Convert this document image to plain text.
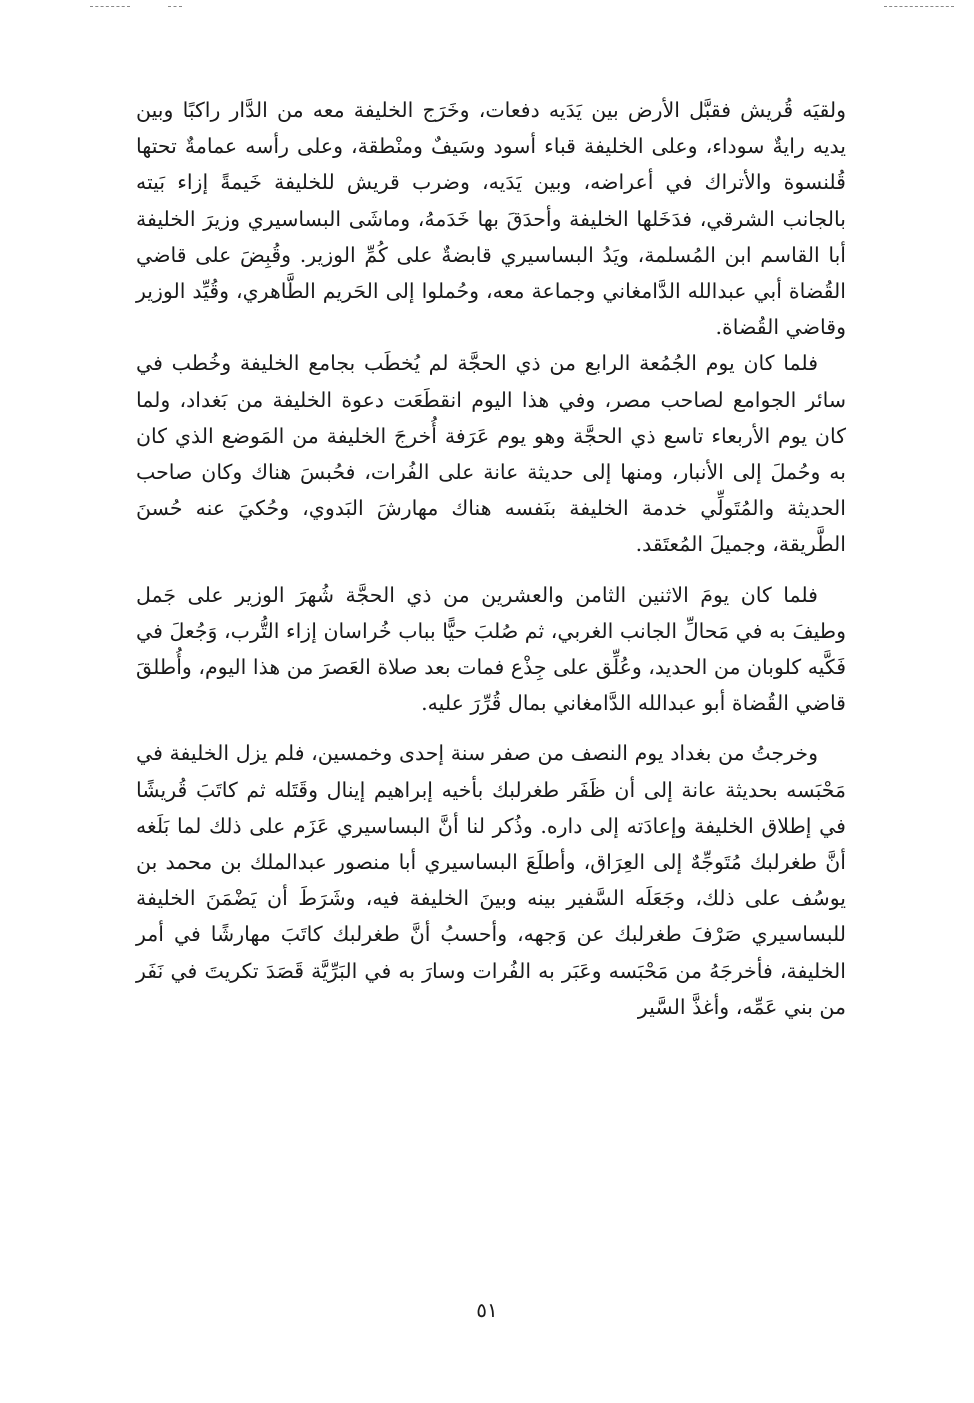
ولقيَه قُريش فقبَّل الأرض بين يَدَيه دفعات، وخَرَج الخليفة معه من الدَّار راكبًا وبين يديه رايةٌ سوداء، وعلى الخليفة قباء أسود وسَيفٌ ومنْطقة، وعلى رأسه عمامةٌ تحتها قُلنسوة والأتراك في أعراضه، وبين يَدَيه، وضرب قريش للخليفة خَيمةً إزاء بَيته بالجانب الشرقي، فدَخَلها الخليفة وأحدَقَ بها خَدَمهُ، وماشَى البساسيري وزيرَ الخليفة أبا القاسم ابن المُسلمة، ويَدُ البساسيري قابضةٌ على كُمِّ الوزير. وقُبِضَ على قاضي القُضاة أبي عبدالله الدَّامغاني وجماعة معه، وحُملوا إلى الحَريم الطَّاهري، وقُيِّد الوزير وقاضي القُضاة.

فلما كان يوم الجُمُعة الرابع من ذي الحجَّة لم يُخطَب بجامع الخليفة وخُطب في سائر الجوامع لصاحب مصر، وفي هذا اليوم انقطَعَت دعوة الخليفة من بَغداد، ولما كان يوم الأربعاء تاسع ذي الحجَّة وهو يوم عَرَفة أُخرجَ الخليفة من المَوضع الذي كان به وحُملَ إلى الأنبار، ومنها إلى حديثة عانة على الفُرات، فحُبسَ هناك وكان صاحب الحديثة والمُتَولِّي خدمة الخليفة بنَفسه هناك مهارشَ البَدوي، وحُكيَ عنه حُسنَ الطَّريقة، وجميلَ المُعتَقد.

فلما كان يومَ الاثنين الثامن والعشرين من ذي الحجَّة شُهرَ الوزير على جَمل وطيفَ به في مَحالِّ الجانب الغربي، ثم صُلبَ حيًّا بباب خُراسان إزاء التُّرب، وَجُعلَ في فَكَّيه كلوبان من الحديد، وعُلِّق على جِذْع فمات بعد صلاة العَصرَ من هذا اليوم، وأُطلقَ قاضي القُضاة أبو عبدالله الدَّامغاني بمال قُرِّرَ عليه.

وخرجتُ من بغداد يوم النصف من صفر سنة إحدى وخمسين، فلم يزل الخليفة في مَحْبَسه بحديثة عانة إلى أن ظَفَر طغرلبك بأخيه إبراهيم إينال وقَتَله ثم كاتَبَ قُريشًا في إطلاق الخليفة وإعادَته إلى داره. وذُكر لنا أنَّ البساسيري عَزَم على ذلك لما بَلَغه أنَّ طغرلبك مُتَوجِّهٌ إلى العِرَاق، وأطلَعَ البساسيري أبا منصور عبدالملك بن محمد بن يوسُف على ذلك، وجَعَلَه السَّفير بينه وبينَ الخليفة فيه، وشَرَطَ أن يَضْمَنَ الخليفة للبساسيري صَرْفَ طغرلبك عن وَجهه، وأحسبُ أنَّ طغرلبك كاتَبَ مهارشًا في أمر الخليفة، فأخرجَهُ من مَحْبَسه وعَبَر به الفُرات وسارَ به في البَرِّيَّة قَصَدَ تكريتَ في نَفَر من بني عَمِّه، وأغذَّ السَّير

٥١
